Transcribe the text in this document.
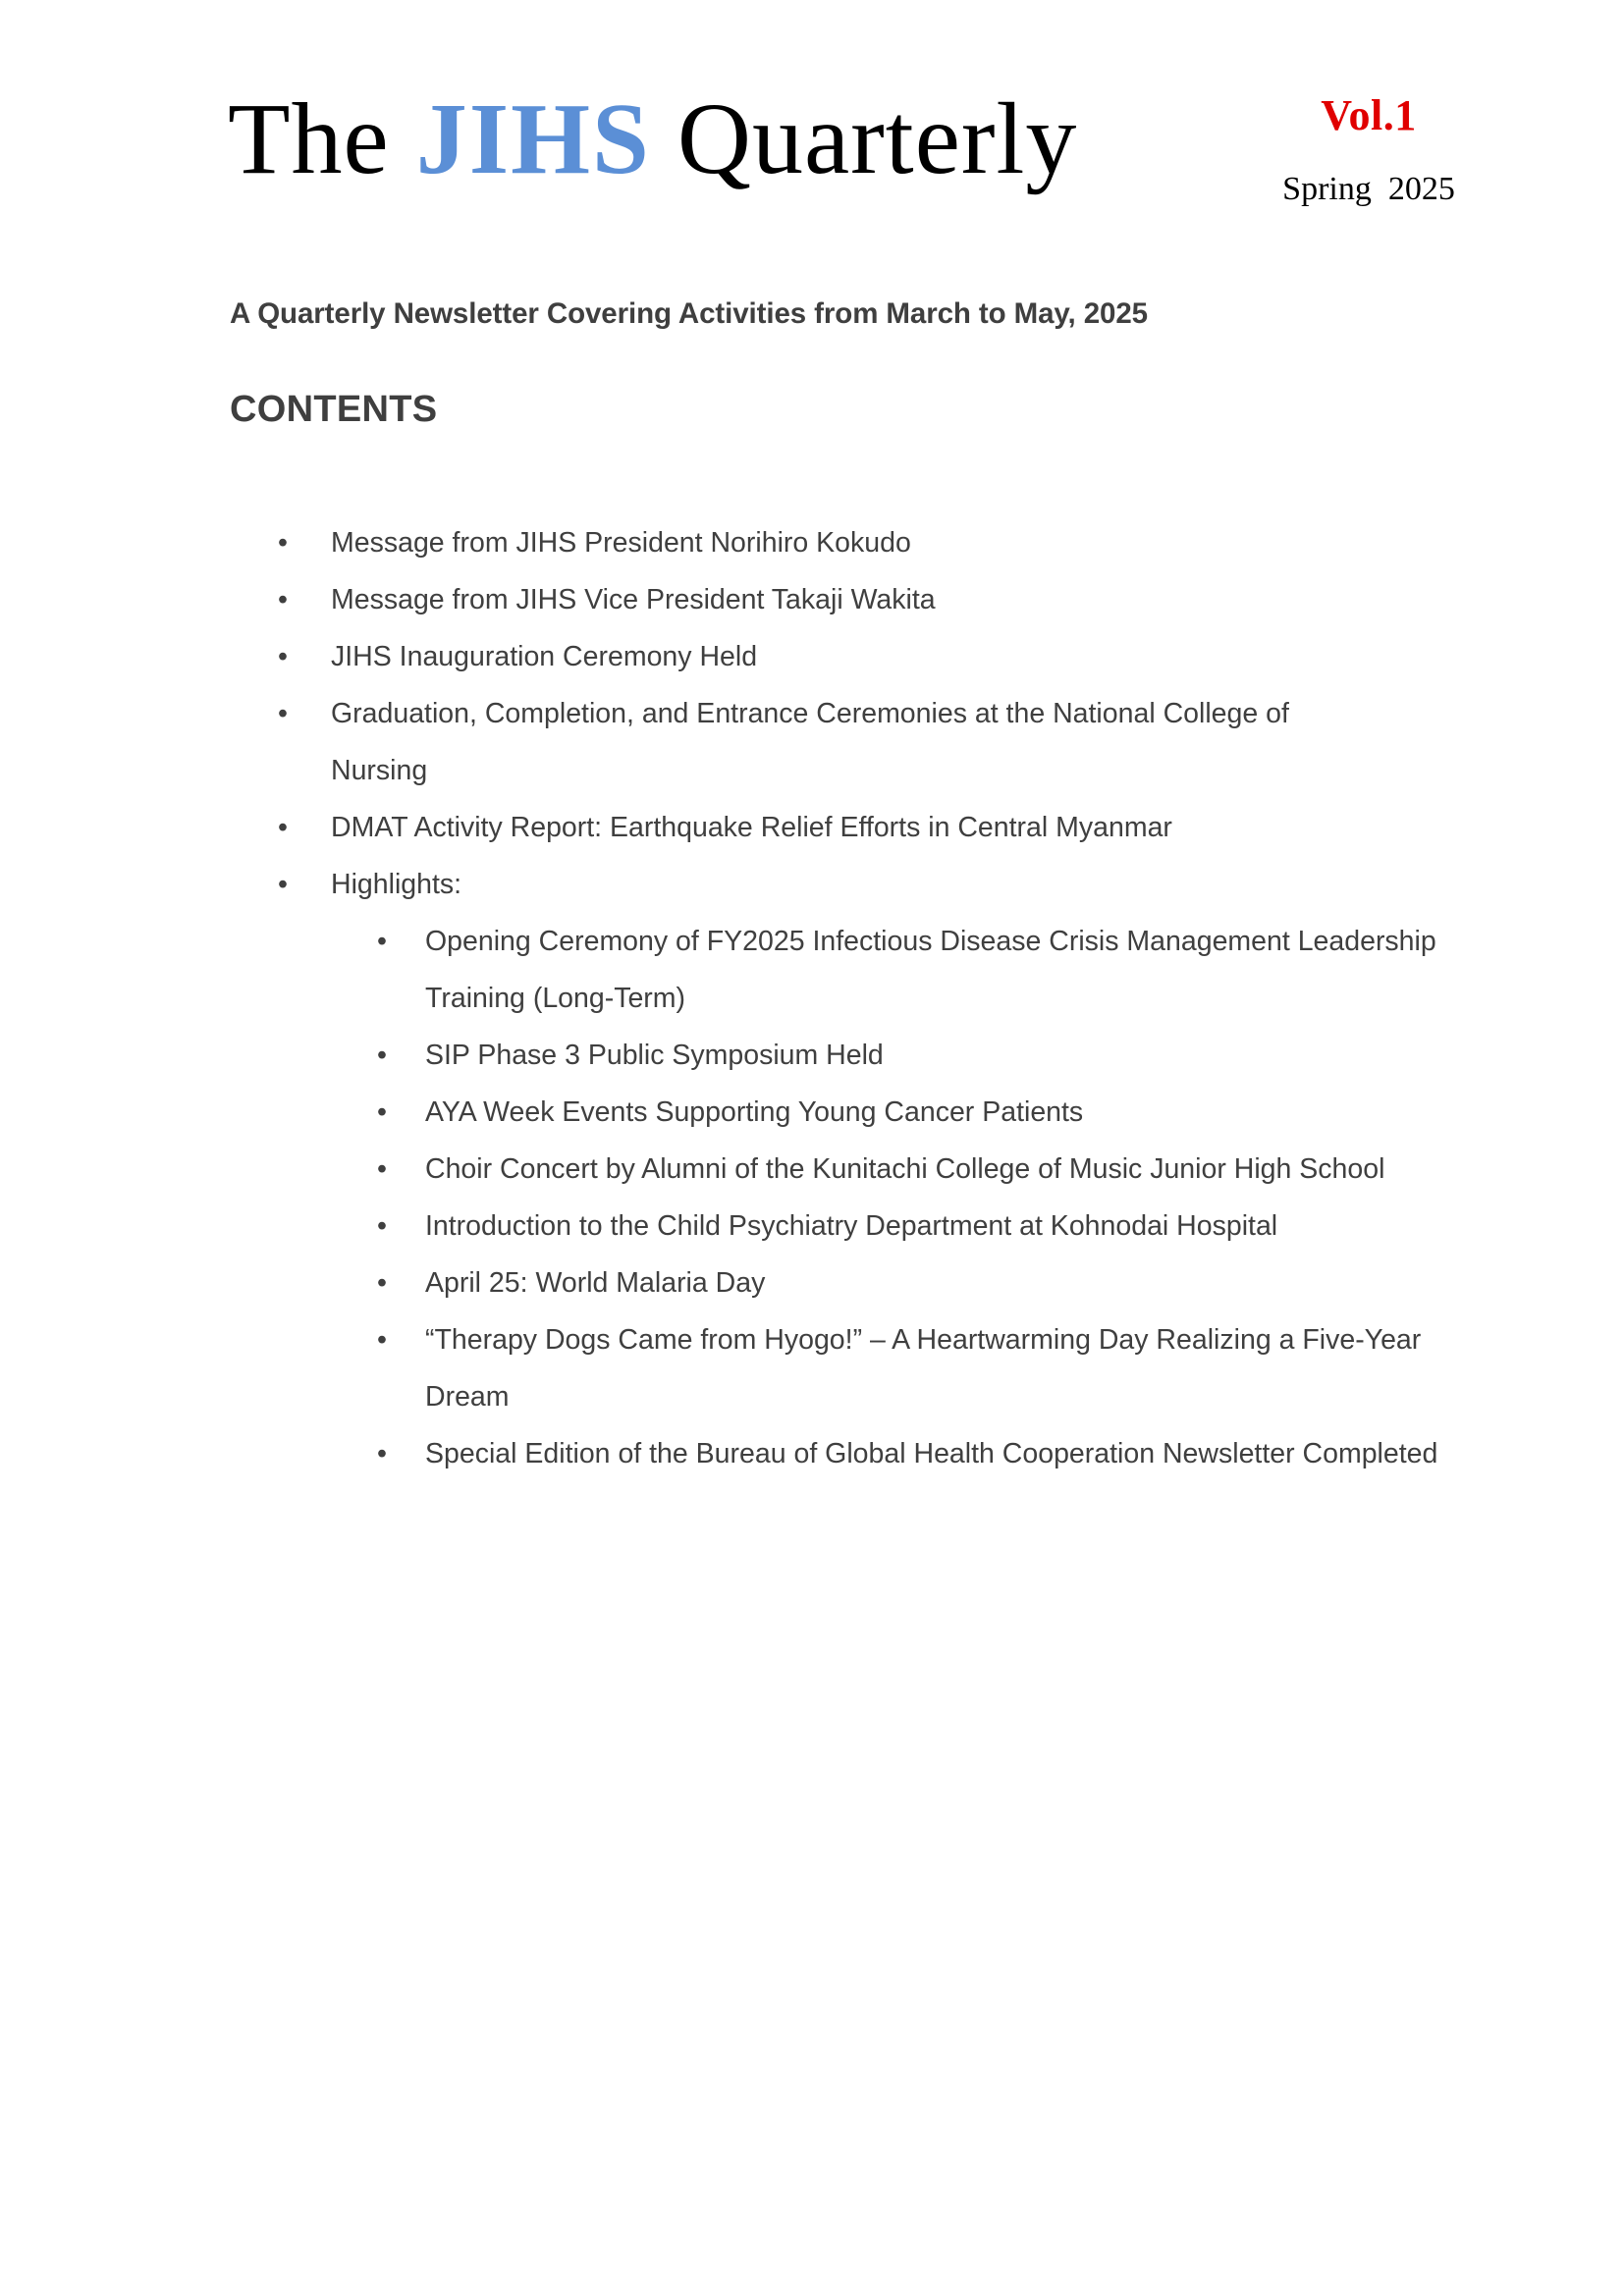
The JIHS Quarterly	Vol.1
Spring  2025
A Quarterly Newsletter Covering Activities from March to May, 2025
CONTENTS
• Message from JIHS President Norihiro Kokudo
• Message from JIHS Vice President Takaji Wakita
• JIHS Inauguration Ceremony Held
• Graduation, Completion, and Entrance Ceremonies at the National College of Nursing
• DMAT Activity Report: Earthquake Relief Efforts in Central Myanmar
• Highlights:
• Opening Ceremony of FY2025 Infectious Disease Crisis Management Leadership Training (Long-Term)
• SIP Phase 3 Public Symposium Held
• AYA Week Events Supporting Young Cancer Patients
• Choir Concert by Alumni of the Kunitachi College of Music Junior High School
• Introduction to the Child Psychiatry Department at Kohnodai Hospital
• April 25: World Malaria Day
• “Therapy Dogs Came from Hyogo!” – A Heartwarming Day Realizing a Five-Year Dream
• Special Edition of the Bureau of Global Health Cooperation Newsletter Completed
